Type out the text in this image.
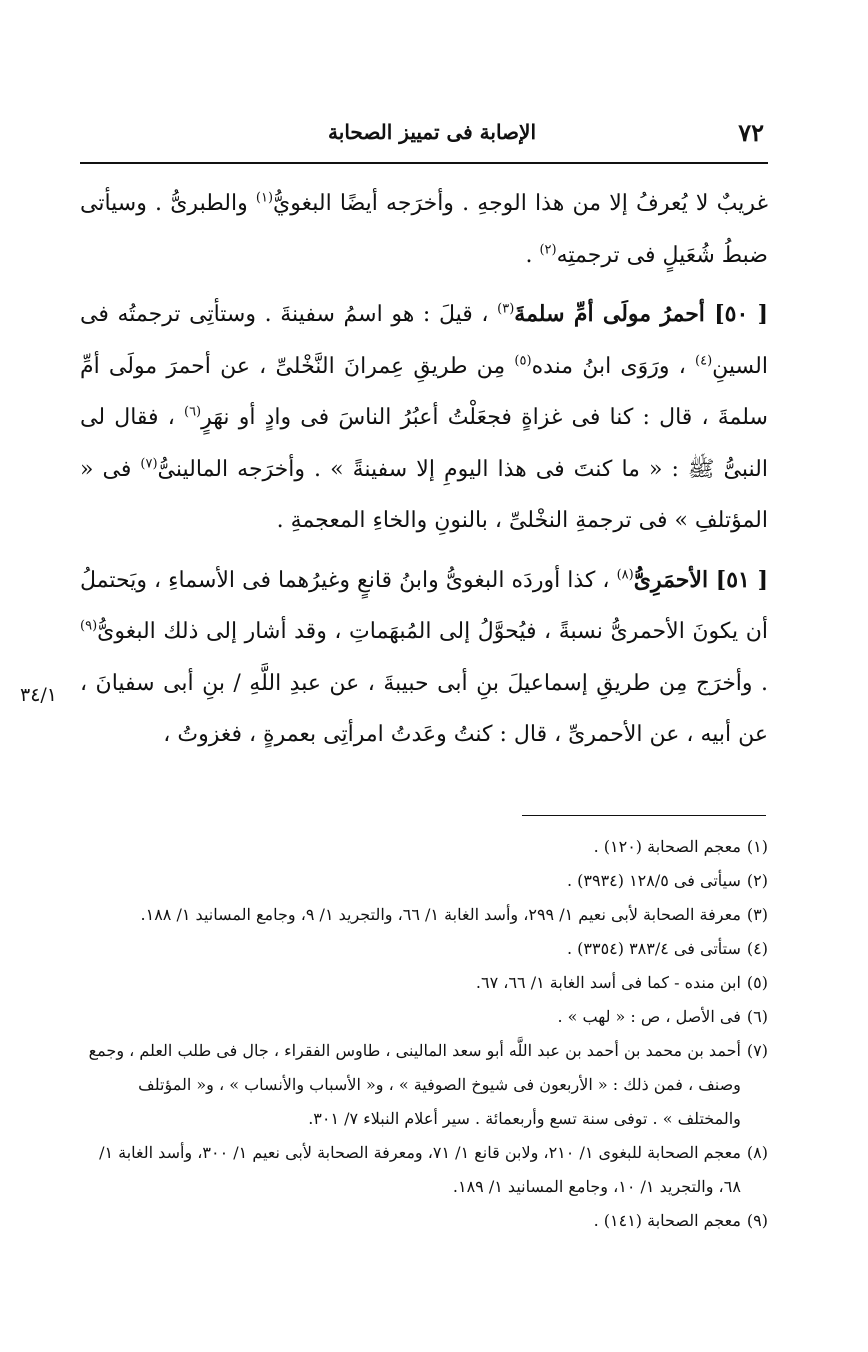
٧٢
الإصابة فى تمييز الصحابة

غريبٌ لا يُعرفُ إلا من هذا الوجهِ . وأخرَجه أيضًا البغويُّ$^{(١)}$ والطبرىُّ . وسيأتى ضبطُ شُعَيلٍ فى ترجمتِه$^{(٢)}$ .

[ ٥٠] أحمرُ مولَى أمِّ سلمةَ$^{(٣)}$ ، قيلَ : هو اسمُ سفينةَ . وستأتِى ترجمتُه فى السينِ$^{(٤)}$ ، ورَوَى ابنُ منده$^{(٥)}$ مِن طريقِ عِمرانَ النَّخْلىِّ ، عن أحمرَ مولَى أمِّ سلمةَ ، قال : كنا فى غزاةٍ فجعَلْتُ أعبُرُ الناسَ فى وادٍ أو نهَرٍ$^{(٦)}$ ، فقال لى النبىُّ ﷺ : « ما كنتَ فى هذا اليومِ إلا سفينةً » . وأخرَجه المالينىُّ$^{(٧)}$ فى « المؤتلفِ » فى ترجمةِ النخْلىِّ ، بالنونِ والخاءِ المعجمةِ .

[ ٥١] الأحمَرِىُّ$^{(٨)}$ ، كذا أوردَه البغوىُّ وابنُ قانعٍ وغيرُهما فى الأسماءِ ، ويَحتملُ أن يكونَ الأحمرىُّ نسبةً ، فيُحوَّلُ إلى المُبهَماتِ ، وقد أشار إلى ذلك البغوىُّ$^{(٩)}$ . وأخرَج مِن طريقِ إسماعيلَ بنِ أبى حبيبةَ ، عن عبدِ اللَّهِ / بنِ أبى سفيانَ ، عن أبيه ، عن الأحمرىِّ ، قال : كنتُ وعَدتُ امرأتِى بعمرةٍ ، فغزوتُ ،

٣٤/١
(١)
معجم الصحابة (١٢٠) .
(٢)
سيأتى فى ١٢٨/٥ (٣٩٣٤) .
(٣)
معرفة الصحابة لأبى نعيم ١/ ٢٩٩، وأسد الغابة ١/ ٦٦، والتجريد ١/ ٩، وجامع المسانيد ١/ ١٨٨.
(٤)
ستأتى فى ٣٨٣/٤ (٣٣٥٤) .
(٥)
ابن منده - كما فى أسد الغابة ١/ ٦٦، ٦٧.
(٦)
فى الأصل ، ص : « لهب » .
(٧)
أحمد بن محمد بن أحمد بن عبد اللَّه أبو سعد المالينى ، طاوس الفقراء ، جال فى طلب العلم ، وجمع وصنف ، فمن ذلك : « الأربعون فى شيوخ الصوفية » ، و« الأسباب والأنساب » ، و« المؤتلف والمختلف » . توفى سنة تسع وأربعمائة . سير أعلام النبلاء ٧/ ٣٠١.
(٨)
معجم الصحابة للبغوى ١/ ٢١٠، ولابن قانع ١/ ٧١، ومعرفة الصحابة لأبى نعيم ١/ ٣٠٠، وأسد الغابة ١/ ٦٨، والتجريد ١/ ١٠، وجامع المسانيد ١/ ١٨٩.
(٩)
معجم الصحابة (١٤١) .
